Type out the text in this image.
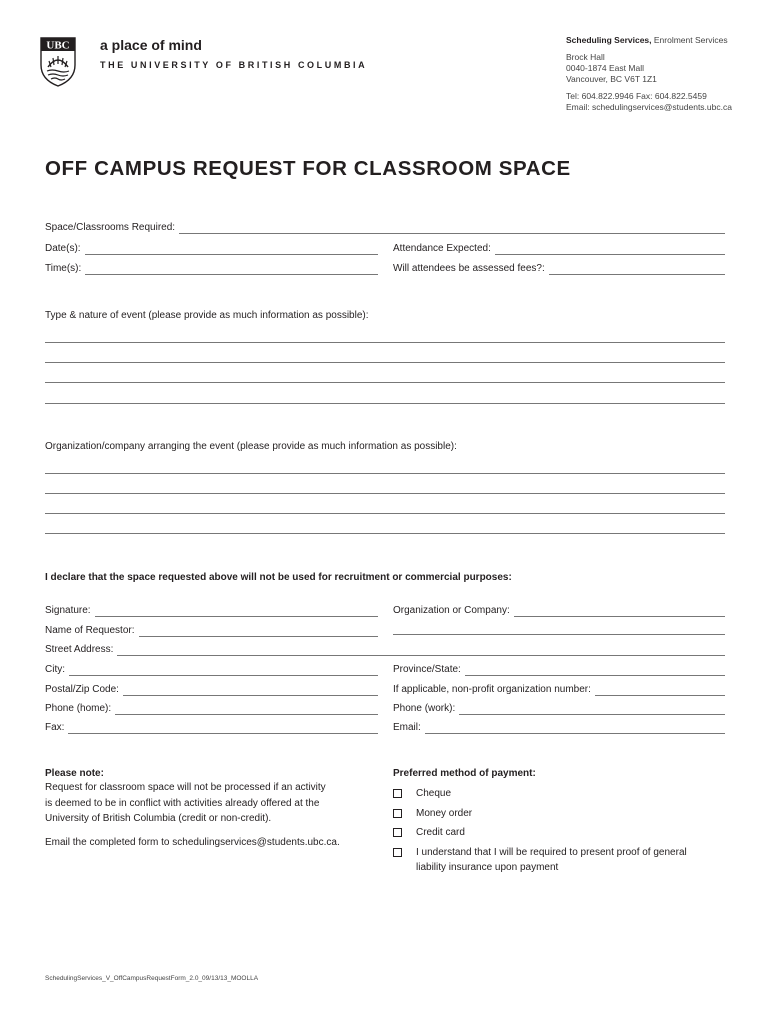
UBC a place of mind
THE UNIVERSITY OF BRITISH COLUMBIA
Scheduling Services, Enrolment Services
Brock Hall
0040-1874 East Mall
Vancouver, BC V6T 1Z1
Tel: 604.822.9946 Fax: 604.822.5459
Email: schedulingservices@students.ubc.ca
OFF CAMPUS REQUEST FOR CLASSROOM SPACE
Space/Classrooms Required:
Date(s):	Attendance Expected:
Time(s):	Will attendees be assessed fees?:
Type & nature of event (please provide as much information as possible):
Organization/company arranging the event (please provide as much information as possible):
I declare that the space requested above will not be used for recruitment or commercial purposes:
Signature:	Organization or Company:
Name of Requestor:
Street Address:
City:	Province/State:
Postal/Zip Code:	If applicable, non-profit organization number:
Phone (home):	Phone (work):
Fax:	Email:
Please note:
Request for classroom space will not be processed if an activity
is deemed to be in conflict with activities already offered at the
University of British Columbia (credit or non-credit).
Email the completed form to schedulingservices@students.ubc.ca.
Preferred method of payment:
Cheque
Money order
Credit card
I understand that I will be required to present proof of general
liability insurance upon payment
SchedulingServices_V_OffCampusRequestForm_2.0_09/13/13_MOOLLA
